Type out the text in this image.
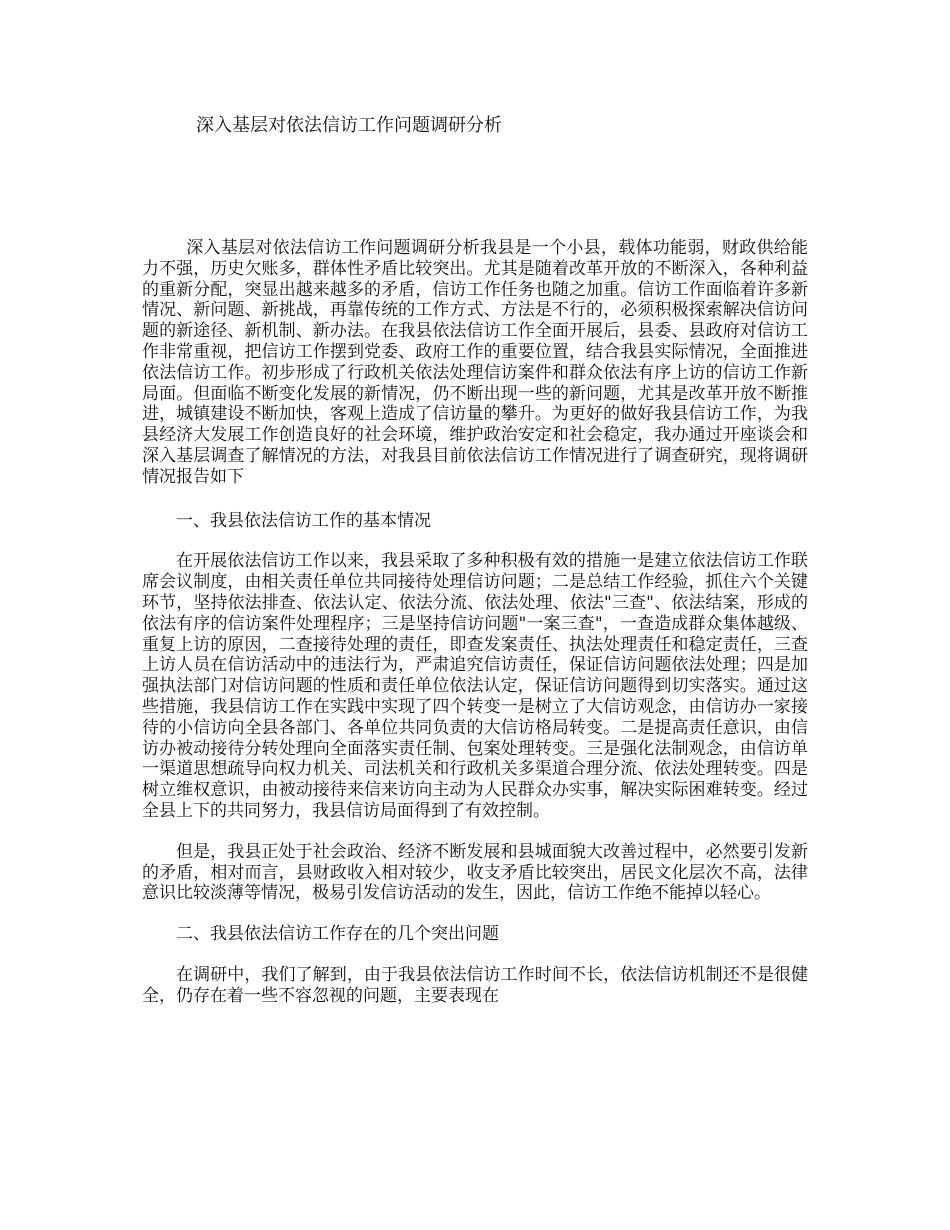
深入基层对依法信访工作问题调研分析

深入基层对依法信访工作问题调研分析我县是一个小县，载体功能弱，财政供给能力不强，历史欠账多，群体性矛盾比较突出。尤其是随着改革开放的不断深入，各种利益的重新分配，突显出越来越多的矛盾，信访工作任务也随之加重。信访工作面临着许多新情况、新问题、新挑战，再靠传统的工作方式、方法是不行的，必须积极探索解决信访问题的新途径、新机制、新办法。在我县依法信访工作全面开展后，县委、县政府对信访工作非常重视，把信访工作摆到党委、政府工作的重要位置，结合我县实际情况，全面推进依法信访工作。初步形成了行政机关依法处理信访案件和群众依法有序上访的信访工作新局面。但面临不断变化发展的新情况，仍不断出现一些的新问题，尤其是改革开放不断推进，城镇建设不断加快，客观上造成了信访量的攀升。为更好的做好我县信访工作，为我县经济大发展工作创造良好的社会环境，维护政治安定和社会稳定，我办通过开座谈会和深入基层调查了解情况的方法，对我县目前依法信访工作情况进行了调查研究，现将调研情况报告如下

一、我县依法信访工作的基本情况

在开展依法信访工作以来，我县采取了多种积极有效的措施一是建立依法信访工作联席会议制度，由相关责任单位共同接待处理信访问题；二是总结工作经验，抓住六个关键环节，坚持依法排查、依法认定、依法分流、依法处理、依法"三查"、依法结案，形成的依法有序的信访案件处理程序；三是坚持信访问题"一案三查"，一查造成群众集体越级、重复上访的原因，二查接待处理的责任，即查发案责任、执法处理责任和稳定责任，三查上访人员在信访活动中的违法行为，严肃追究信访责任，保证信访问题依法处理；四是加强执法部门对信访问题的性质和责任单位依法认定，保证信访问题得到切实落实。通过这些措施，我县信访工作在实践中实现了四个转变一是树立了大信访观念，由信访办一家接待的小信访向全县各部门、各单位共同负责的大信访格局转变。二是提高责任意识，由信访办被动接待分转处理向全面落实责任制、包案处理转变。三是强化法制观念，由信访单一渠道思想疏导向权力机关、司法机关和行政机关多渠道合理分流、依法处理转变。四是树立维权意识，由被动接待来信来访向主动为人民群众办实事，解决实际困难转变。经过全县上下的共同努力，我县信访局面得到了有效控制。

但是，我县正处于社会政治、经济不断发展和县城面貌大改善过程中，必然要引发新的矛盾，相对而言，县财政收入相对较少，收支矛盾比较突出，居民文化层次不高，法律意识比较淡薄等情况，极易引发信访活动的发生，因此，信访工作绝不能掉以轻心。

二、我县依法信访工作存在的几个突出问题

在调研中，我们了解到，由于我县依法信访工作时间不长，依法信访机制还不是很健全，仍存在着一些不容忽视的问题，主要表现在
